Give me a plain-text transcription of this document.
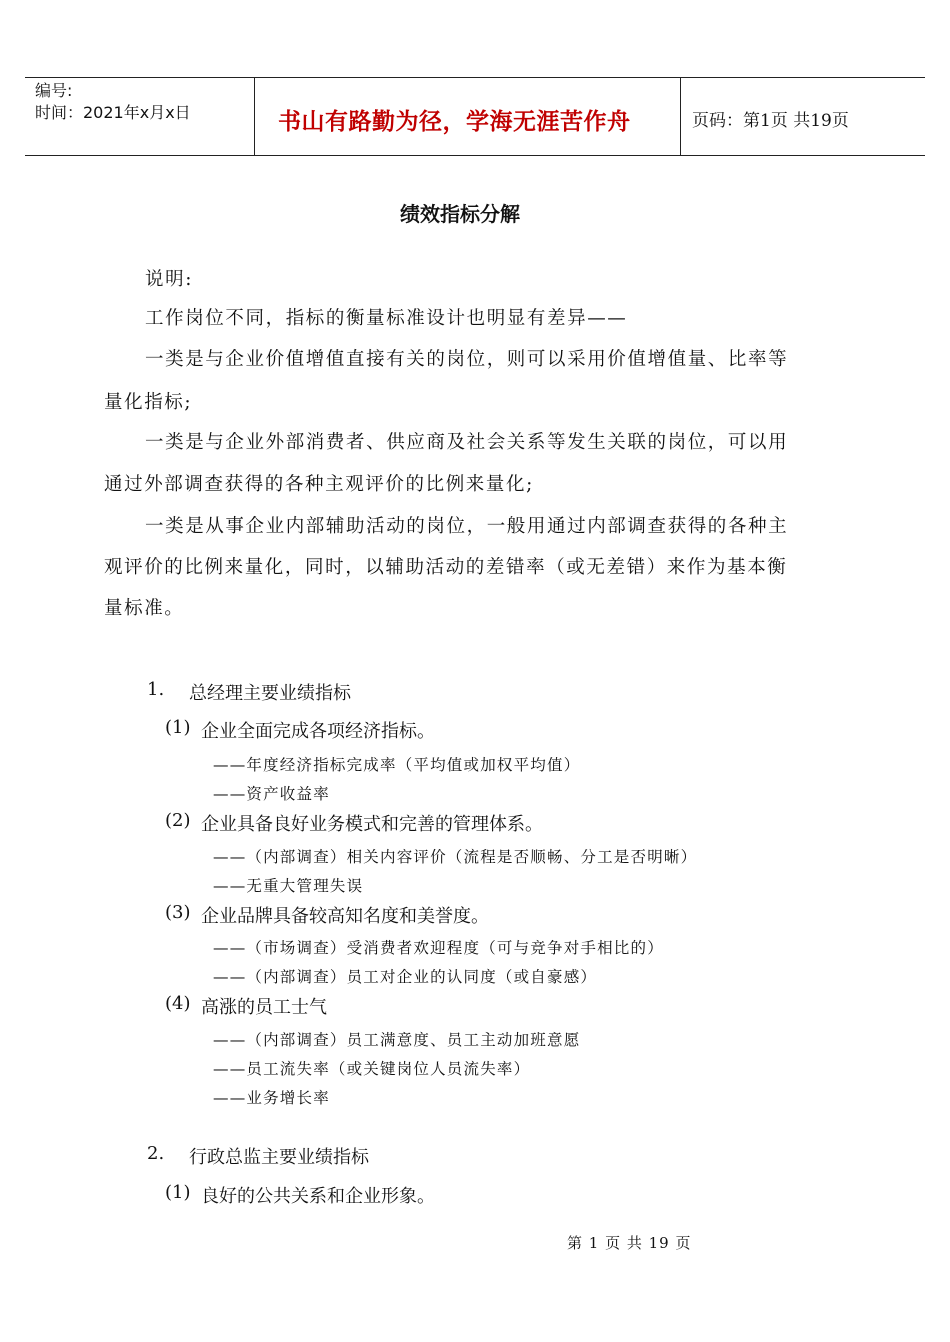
编号:
时间：2021年x月x日	书山有路勤为径，学海无涯苦作舟	页码：第1页 共19页
绩效指标分解
说明:
工作岗位不同，指标的衡量标准设计也明显有差异——
一类是与企业价值增值直接有关的岗位，则可以采用价值增值量、比率等
量化指标;
一类是与企业外部消费者、供应商及社会关系等发生关联的岗位，可以用
通过外部调查获得的各种主观评价的比例来量化;
一类是从事企业内部辅助活动的岗位，一般用通过内部调查获得的各种主
观评价的比例来量化，同时，以辅助活动的差错率（或无差错）来作为基本衡
量标准。
1. 总经理主要业绩指标
(1) 企业全面完成各项经济指标。
——年度经济指标完成率（平均值或加权平均值）
——资产收益率
(2) 企业具备良好业务模式和完善的管理体系。
——（内部调查）相关内容评价（流程是否顺畅、分工是否明晰）
——无重大管理失误
(3) 企业品牌具备较高知名度和美誉度。
——（市场调查）受消费者欢迎程度（可与竞争对手相比的）
——（内部调查）员工对企业的认同度（或自豪感）
(4) 高涨的员工士气
——（内部调查）员工满意度、员工主动加班意愿
——员工流失率（或关键岗位人员流失率）
——业务增长率
2. 行政总监主要业绩指标
(1) 良好的公共关系和企业形象。
第 1 页 共 19 页
